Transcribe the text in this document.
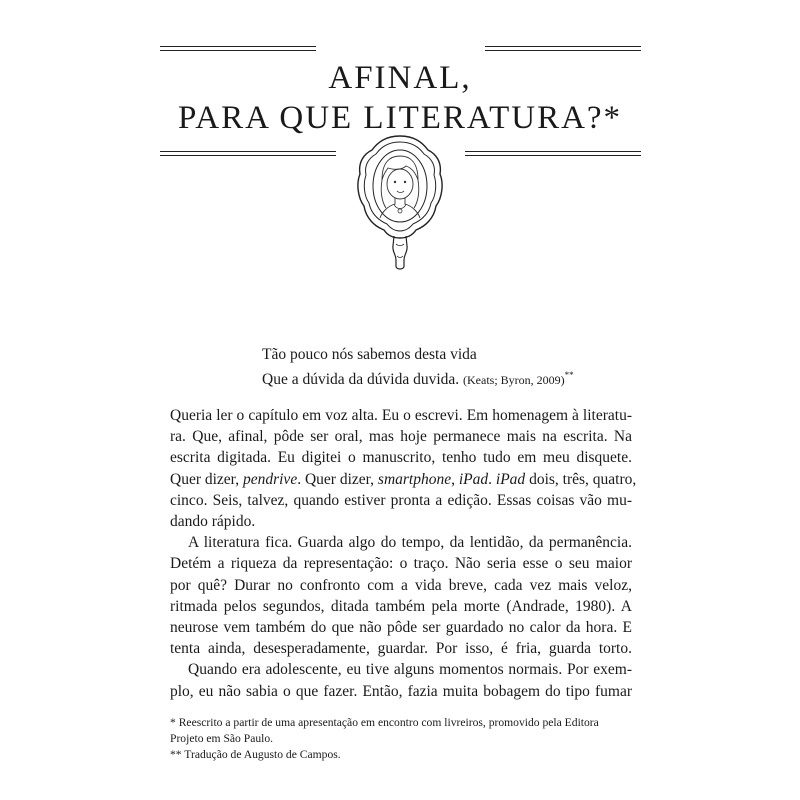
AFINAL,
PARA QUE LITERATURA?*
Tão pouco nós sabemos desta vida
Que a dúvida da dúvida duvida. (Keats; Byron, 2009)**
Queria ler o capítulo em voz alta. Eu o escrevi. Em homenagem à literatu-
ra. Que, afinal, pôde ser oral, mas hoje permanece mais na escrita. Na
escrita digitada. Eu digitei o manuscrito, tenho tudo em meu disquete.
Quer dizer, pendrive. Quer dizer, smartphone, iPad. iPad dois, três, quatro,
cinco. Seis, talvez, quando estiver pronta a edição. Essas coisas vão mu-
dando rápido.
A literatura fica. Guarda algo do tempo, da lentidão, da permanência.
Detém a riqueza da representação: o traço. Não seria esse o seu maior
por quê? Durar no confronto com a vida breve, cada vez mais veloz,
ritmada pelos segundos, ditada também pela morte (Andrade, 1980). A
neurose vem também do que não pôde ser guardado no calor da hora. E
tenta ainda, desesperadamente, guardar. Por isso, é fria, guarda torto.
Quando era adolescente, eu tive alguns momentos normais. Por exem-
plo, eu não sabia o que fazer. Então, fazia muita bobagem do tipo fumar
* Reescrito a partir de uma apresentação em encontro com livreiros, promovido pela Editora
Projeto em São Paulo.
** Tradução de Augusto de Campos.
